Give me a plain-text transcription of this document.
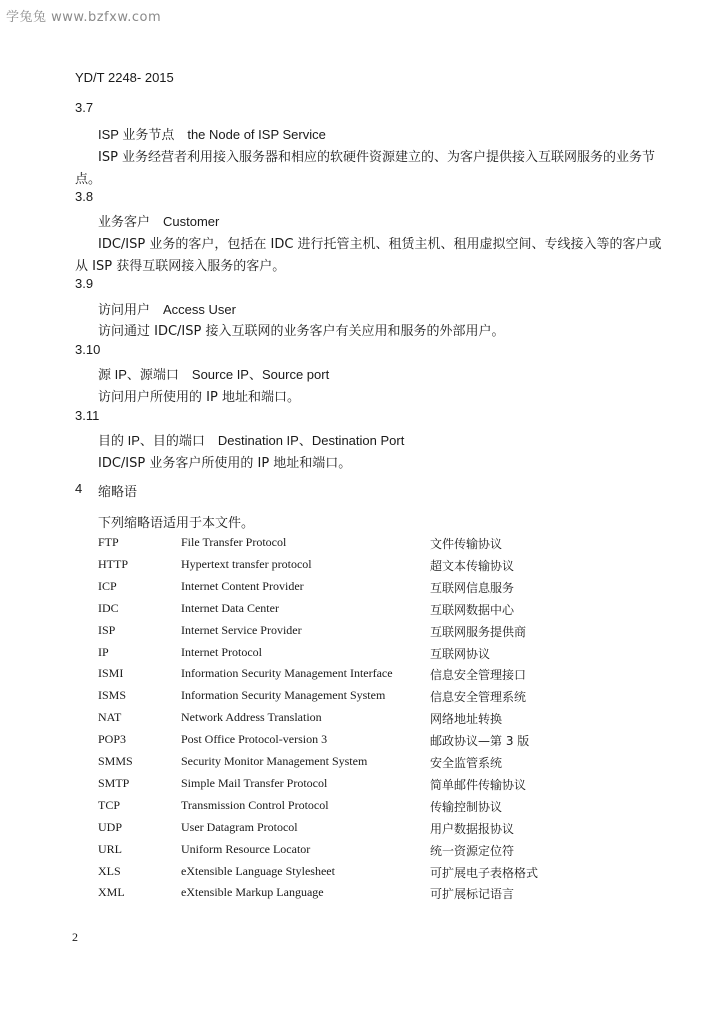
学兔兔 www.bzfxw.com
YD/T 2248- 2015
3.7
ISP 业务节点　the Node of ISP Service
ISP 业务经营者利用接入服务器和相应的软硬件资源建立的、为客户提供接入互联网服务的业务节
点。
3.8
业务客户　Customer
IDC/ISP 业务的客户，包括在 IDC 进行托管主机、租赁主机、租用虚拟空间、专线接入等的客户或
从 ISP 获得互联网接入服务的客户。
3.9
访问用户　Access User
访问通过 IDC/ISP 接入互联网的业务客户有关应用和服务的外部用户。
3.10
源 IP、源端口　Source IP、Source port
访问用户所使用的 IP 地址和端口。
3.11
目的 IP、目的端口　Destination IP、Destination Port
IDC/ISP 业务客户所使用的 IP 地址和端口。
4 缩略语
下列缩略语适用于本文件。
FTP	File Transfer Protocol	文件传输协议
HTTP	Hypertext transfer protocol	超文本传输协议
ICP	Internet Content Provider	互联网信息服务
IDC	Internet Data Center	互联网数据中心
ISP	Internet Service Provider	互联网服务提供商
IP	Internet Protocol	互联网协议
ISMI	Information Security Management Interface	信息安全管理接口
ISMS	Information Security Management System	信息安全管理系统
NAT	Network Address Translation	网络地址转换
POP3	Post Office Protocol-version 3	邮政协议—第 3 版
SMMS	Security Monitor Management System	安全监管系统
SMTP	Simple Mail Transfer Protocol	简单邮件传输协议
TCP	Transmission Control Protocol	传输控制协议
UDP	User Datagram Protocol	用户数据报协议
URL	Uniform Resource Locator	统一资源定位符
XLS	eXtensible Language Stylesheet	可扩展电子表格格式
XML	eXtensible Markup Language	可扩展标记语言
2
